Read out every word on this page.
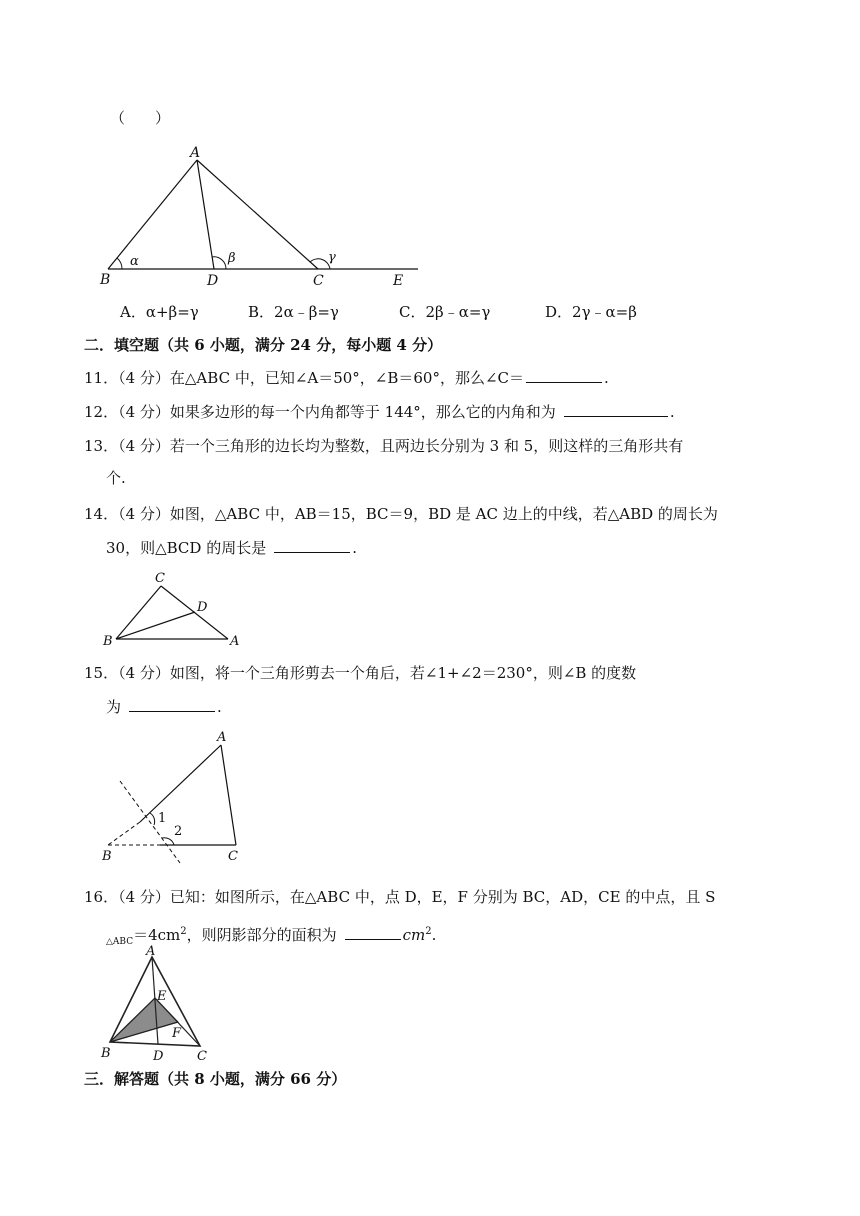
（　　）
A
B	D	C	E
α	β	γ
A．α+β=γ	B．2α﹣β=γ	C．2β﹣α=γ	D．2γ﹣α=β
二．填空题（共 6 小题，满分 24 分，每小题 4 分）
11．（4 分）在△ABC 中，已知∠A＝50°，∠B＝60°，那么∠C＝	.
12．（4 分）如果多边形的每一个内角都等于 144°，那么它的内角和为	.
13．（4 分）若一个三角形的边长均为整数，且两边长分别为 3 和 5，则这样的三角形共有
个.
14．（4 分）如图，△ABC 中，AB＝15，BC＝9，BD 是 AC 边上的中线，若△ABD 的周长为
30，则△BCD 的周长是	.
C
D
B	A
15．（4 分）如图，将一个三角形剪去一个角后，若∠1+∠2＝230°，则∠B 的度数
为	.
A
B	C
1
2
16．（4 分）已知：如图所示，在△ABC 中，点 D，E，F 分别为 BC，AD，CE 的中点，且 S
$_{\triangle ABC}=4cm^2$，则阴影部分的面积为	$cm^2$.
A
B	C
D
E
F
三．解答题（共 8 小题，满分 66 分）
